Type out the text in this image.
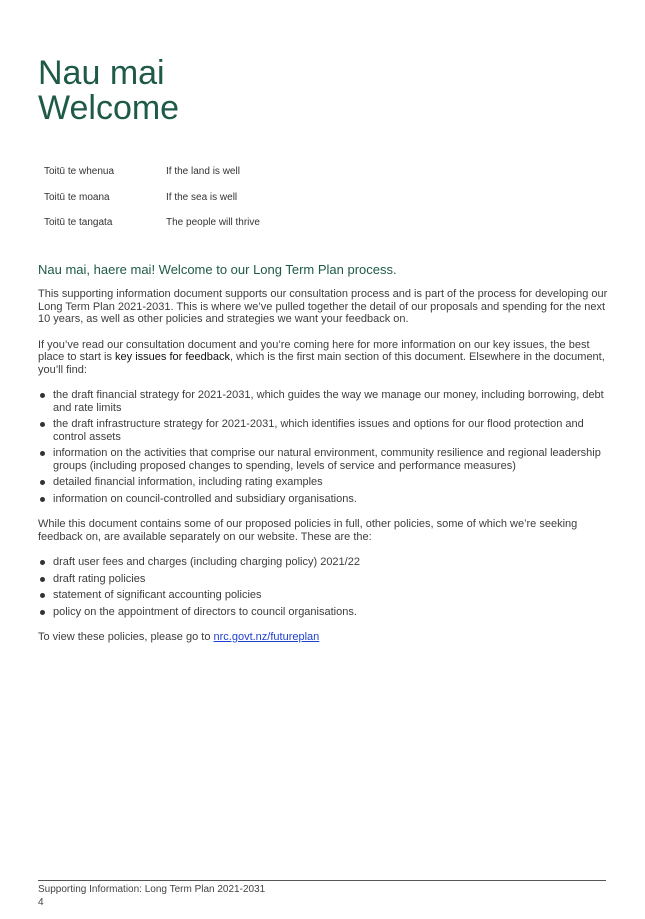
Nau mai
Welcome
Toitū te whenua	If the land is well
Toitū te moana	If the sea is well
Toitū te tangata	The people will thrive
Nau mai, haere mai! Welcome to our Long Term Plan process.

This supporting information document supports our consultation process and is part of the process for developing our Long Term Plan 2021-2031. This is where we’ve pulled together the detail of our proposals and spending for the next 10 years, as well as other policies and strategies we want your feedback on.

If you’ve read our consultation document and you’re coming here for more information on our key issues, the best place to start is key issues for feedback, which is the first main section of this document. Elsewhere in the document, you’ll find:

the draft financial strategy for 2021-2031, which guides the way we manage our money, including borrowing, debt and rate limits
the draft infrastructure strategy for 2021-2031, which identifies issues and options for our flood protection and control assets
information on the activities that comprise our natural environment, community resilience and regional leadership groups (including proposed changes to spending, levels of service and performance measures)
detailed financial information, including rating examples
information on council-controlled and subsidiary organisations.

While this document contains some of our proposed policies in full, other policies, some of which we’re seeking feedback on, are available separately on our website. These are the:

draft user fees and charges (including charging policy) 2021/22
draft rating policies
statement of significant accounting policies
policy on the appointment of directors to council organisations.

To view these policies, please go to nrc.govt.nz/futureplan

Supporting Information: Long Term Plan 2021-2031
4
